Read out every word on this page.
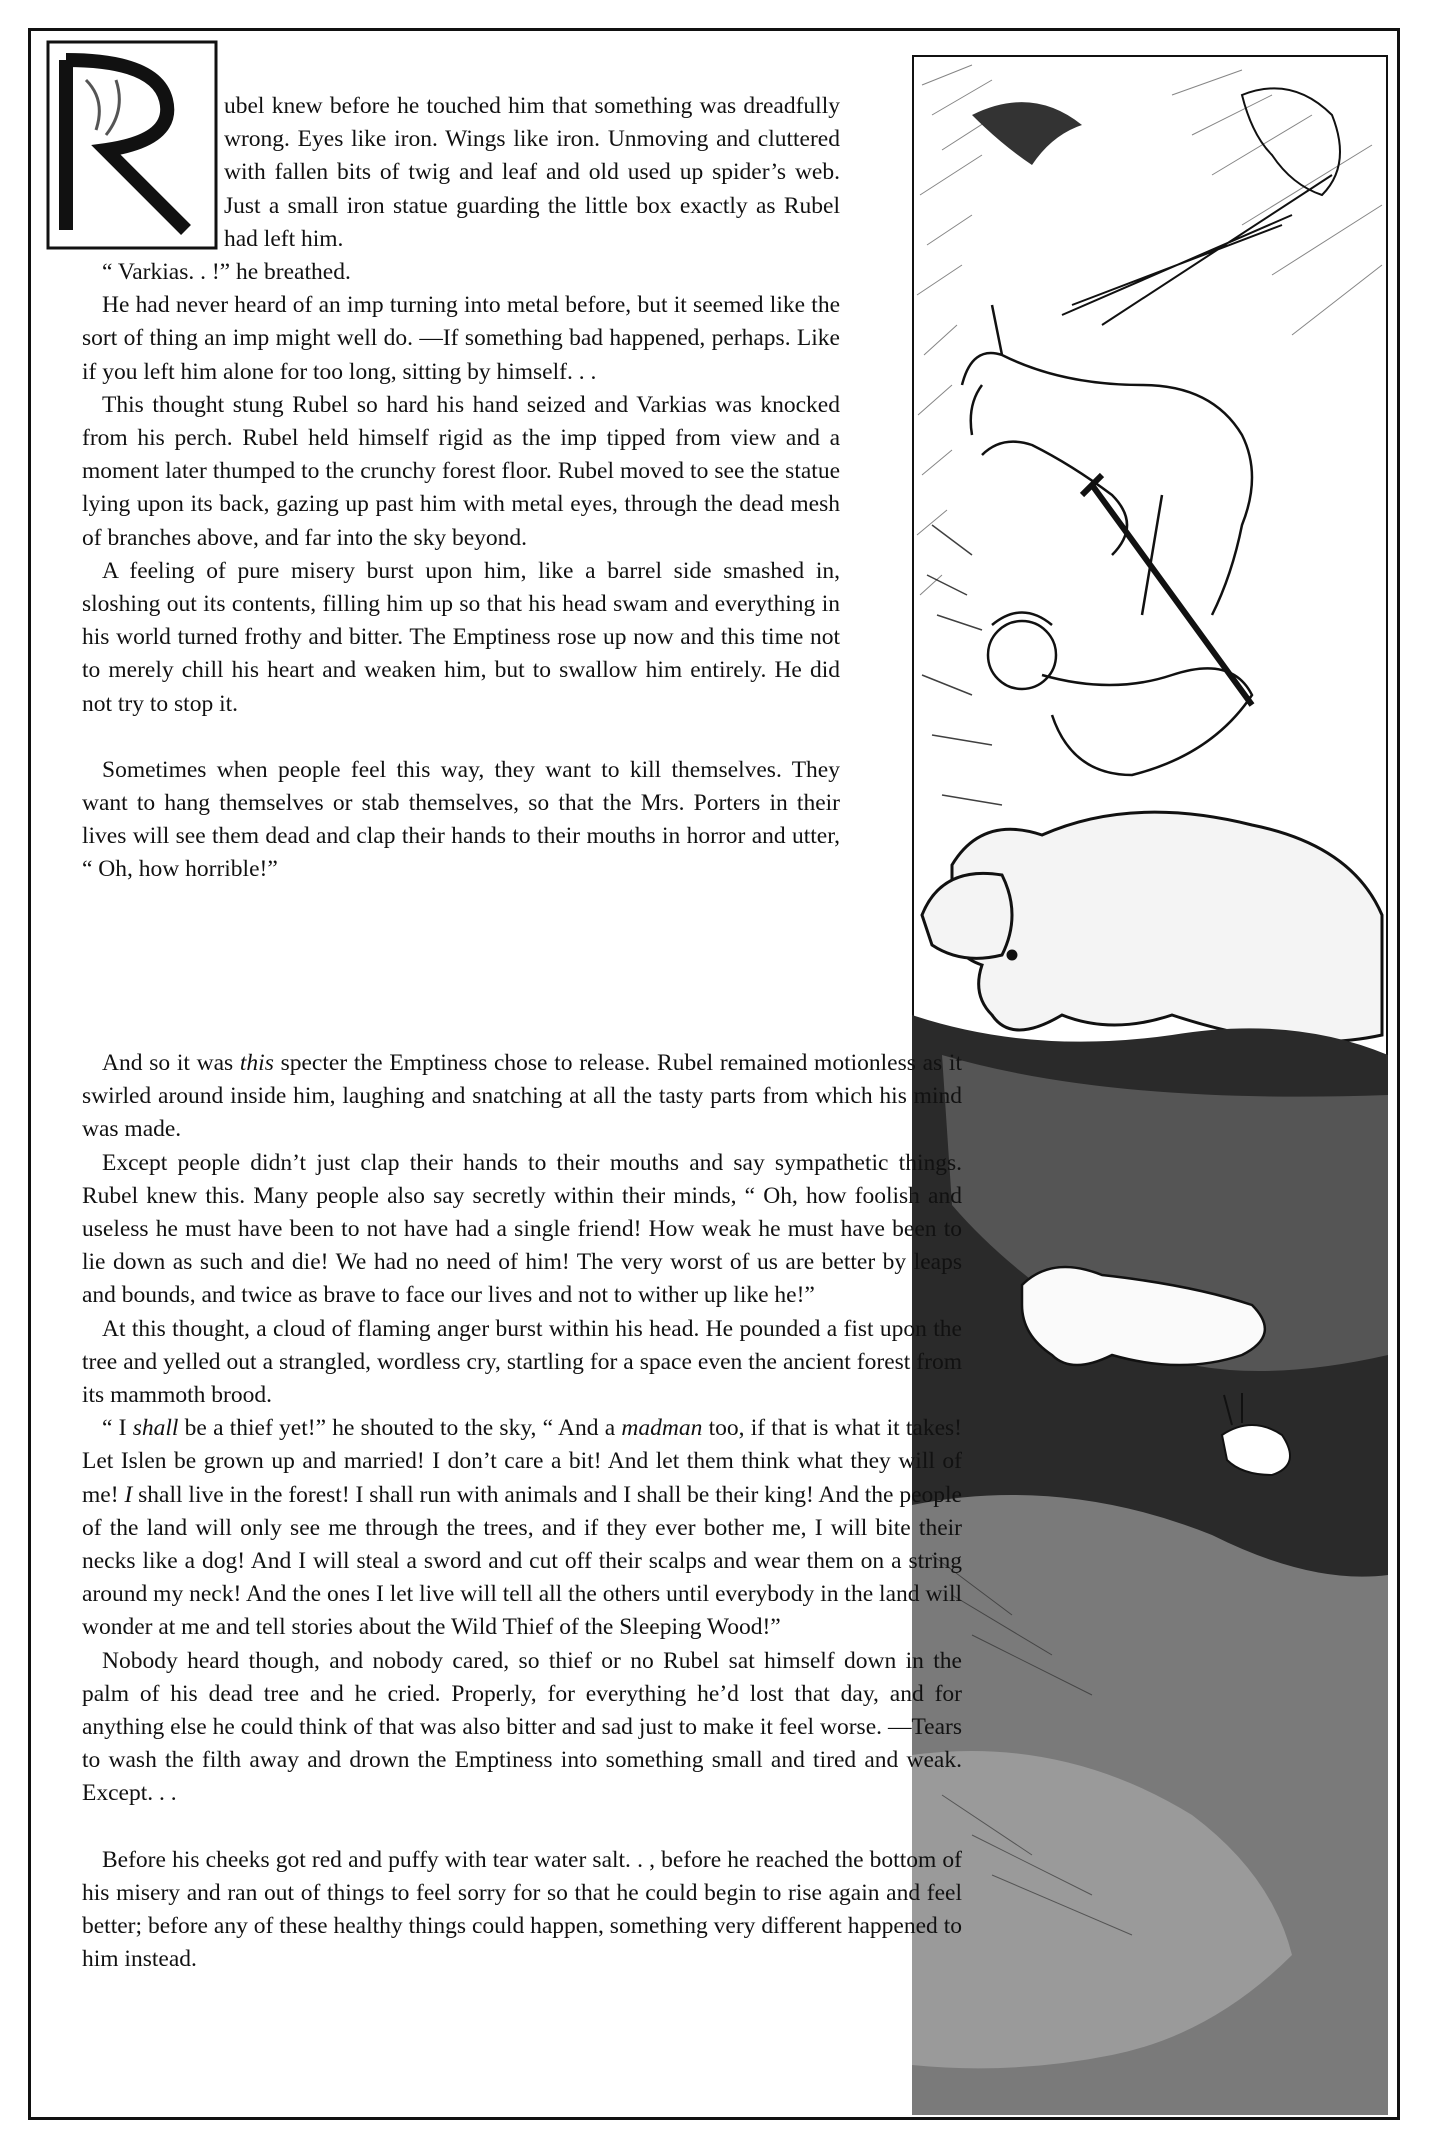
R

ubel knew before he touched him that something was dreadfully wrong. Eyes like iron. Wings like iron. Unmoving and cluttered with fallen bits of twig and leaf and old used up spider’s web. Just a small iron statue guarding the little box exactly as Rubel had left him.

“ Varkias. . !” he breathed.

He had never heard of an imp turning into metal before, but it seemed like the sort of thing an imp might well do. —If something bad happened, perhaps. Like if you left him alone for too long, sitting by himself. . .

This thought stung Rubel so hard his hand seized and Varkias was knocked from his perch. Rubel held himself rigid as the imp tipped from view and a moment later thumped to the crunchy forest floor. Rubel moved to see the statue lying upon its back, gazing up past him with metal eyes, through the dead mesh of branches above, and far into the sky beyond.

A feeling of pure misery burst upon him, like a barrel side smashed in, sloshing out its contents, filling him up so that his head swam and everything in his world turned frothy and bitter. The Emptiness rose up now and this time not to merely chill his heart and weaken him, but to swallow him entirely. He did not try to stop it.

Sometimes when people feel this way, they want to kill themselves. They want to hang themselves or stab themselves, so that the Mrs. Porters in their lives will see them dead and clap their hands to their mouths in horror and utter, “ Oh, how horrible!”

And so it was this specter the Emptiness chose to release. Rubel remained motionless as it swirled around inside him, laughing and snatching at all the tasty parts from which his mind was made.

Except people didn’t just clap their hands to their mouths and say sympathetic things. Rubel knew this. Many people also say secretly within their minds, “ Oh, how foolish and useless he must have been to not have had a single friend! How weak he must have been to lie down as such and die! We had no need of him! The very worst of us are better by leaps and bounds, and twice as brave to face our lives and not to wither up like he!”

At this thought, a cloud of flaming anger burst within his head. He pounded a fist upon the tree and yelled out a strangled, wordless cry, startling for a space even the ancient forest from its mammoth brood.

“ I shall be a thief yet!” he shouted to the sky, “ And a madman too, if that is what it takes! Let Islen be grown up and married! I don’t care a bit! And let them think what they will of me! I shall live in the forest! I shall run with animals and I shall be their king! And the people of the land will only see me through the trees, and if they ever bother me, I will bite their necks like a dog! And I will steal a sword and cut off their scalps and wear them on a string around my neck! And the ones I let live will tell all the others until everybody in the land will wonder at me and tell stories about the Wild Thief of the Sleeping Wood!”

Nobody heard though, and nobody cared, so thief or no Rubel sat himself down in the palm of his dead tree and he cried. Properly, for everything he’d lost that day, and for anything else he could think of that was also bitter and sad just to make it feel worse. —Tears to wash the filth away and drown the Emptiness into something small and tired and weak. Except. . .

Before his cheeks got red and puffy with tear water salt. . , before he reached the bottom of his misery and ran out of things to feel sorry for so that he could begin to rise again and feel better; before any of these healthy things could happen, something very different happened to him instead.
